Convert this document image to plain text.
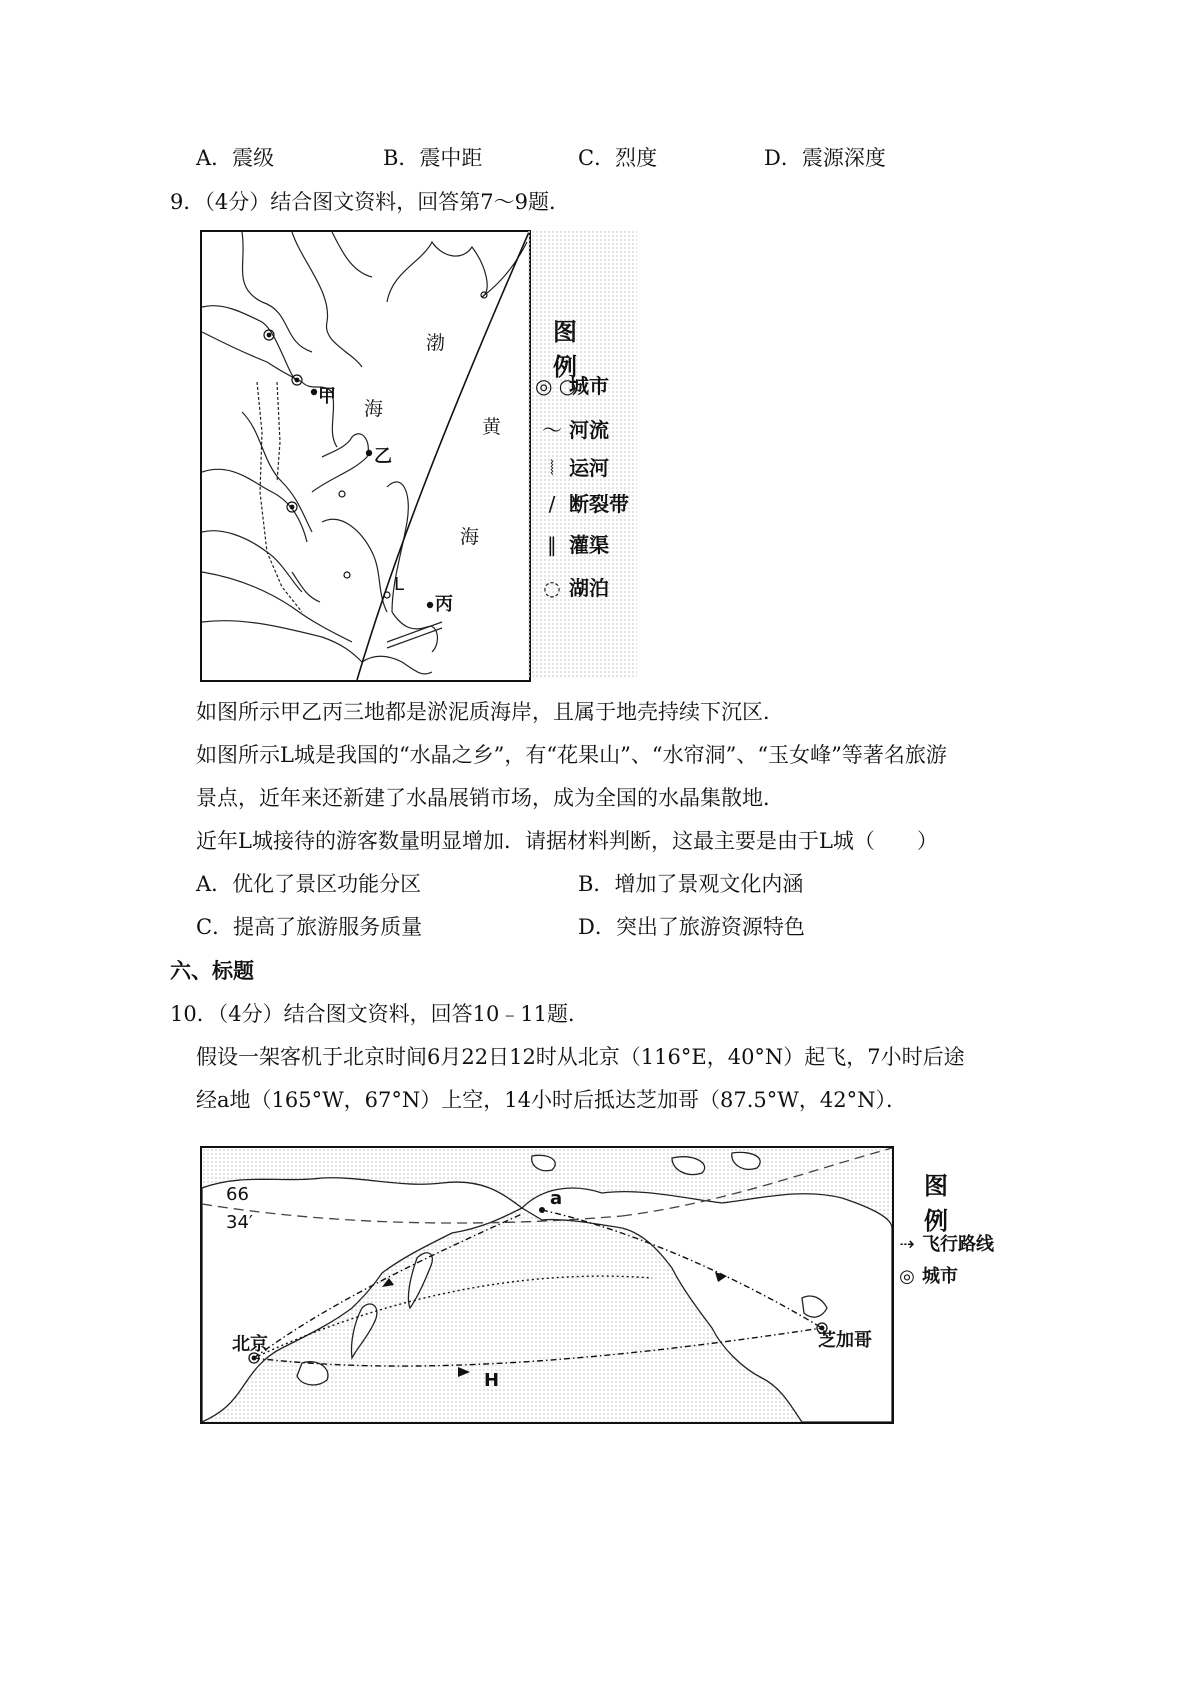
A．震级	B．震中距	C．烈度	D．震源深度
9．（4分）结合图文资料，回答第7～9题．
甲
乙
丙
L
渤
海
黄
海
图 例
◎ ○城市
〜 河流
⦚ 运河
/ 断裂带
∥ 灌渠
◌ 湖泊
如图所示甲乙丙三地都是淤泥质海岸，且属于地壳持续下沉区．
如图所示L城是我国的“水晶之乡”，有“花果山”、“水帘洞”、“玉女峰”等著名旅游
景点，近年来还新建了水晶展销市场，成为全国的水晶集散地．
近年L城接待的游客数量明显增加．请据材料判断，这最主要是由于L城（　　）
A．优化了景区功能分区	B．增加了景观文化内涵
C．提高了旅游服务质量	D．突出了旅游资源特色
六、标题
10．（4分）结合图文资料，回答10﹣11题．
假设一架客机于北京时间6月22日12时从北京（116°E，40°N）起飞，7小时后途
经a地（165°W，67°N）上空，14小时后抵达芝加哥（87.5°W，42°N）．
北京	芝加哥
a
H
66
34′
图 例
⇢ 飞行路线
◎ 城市
